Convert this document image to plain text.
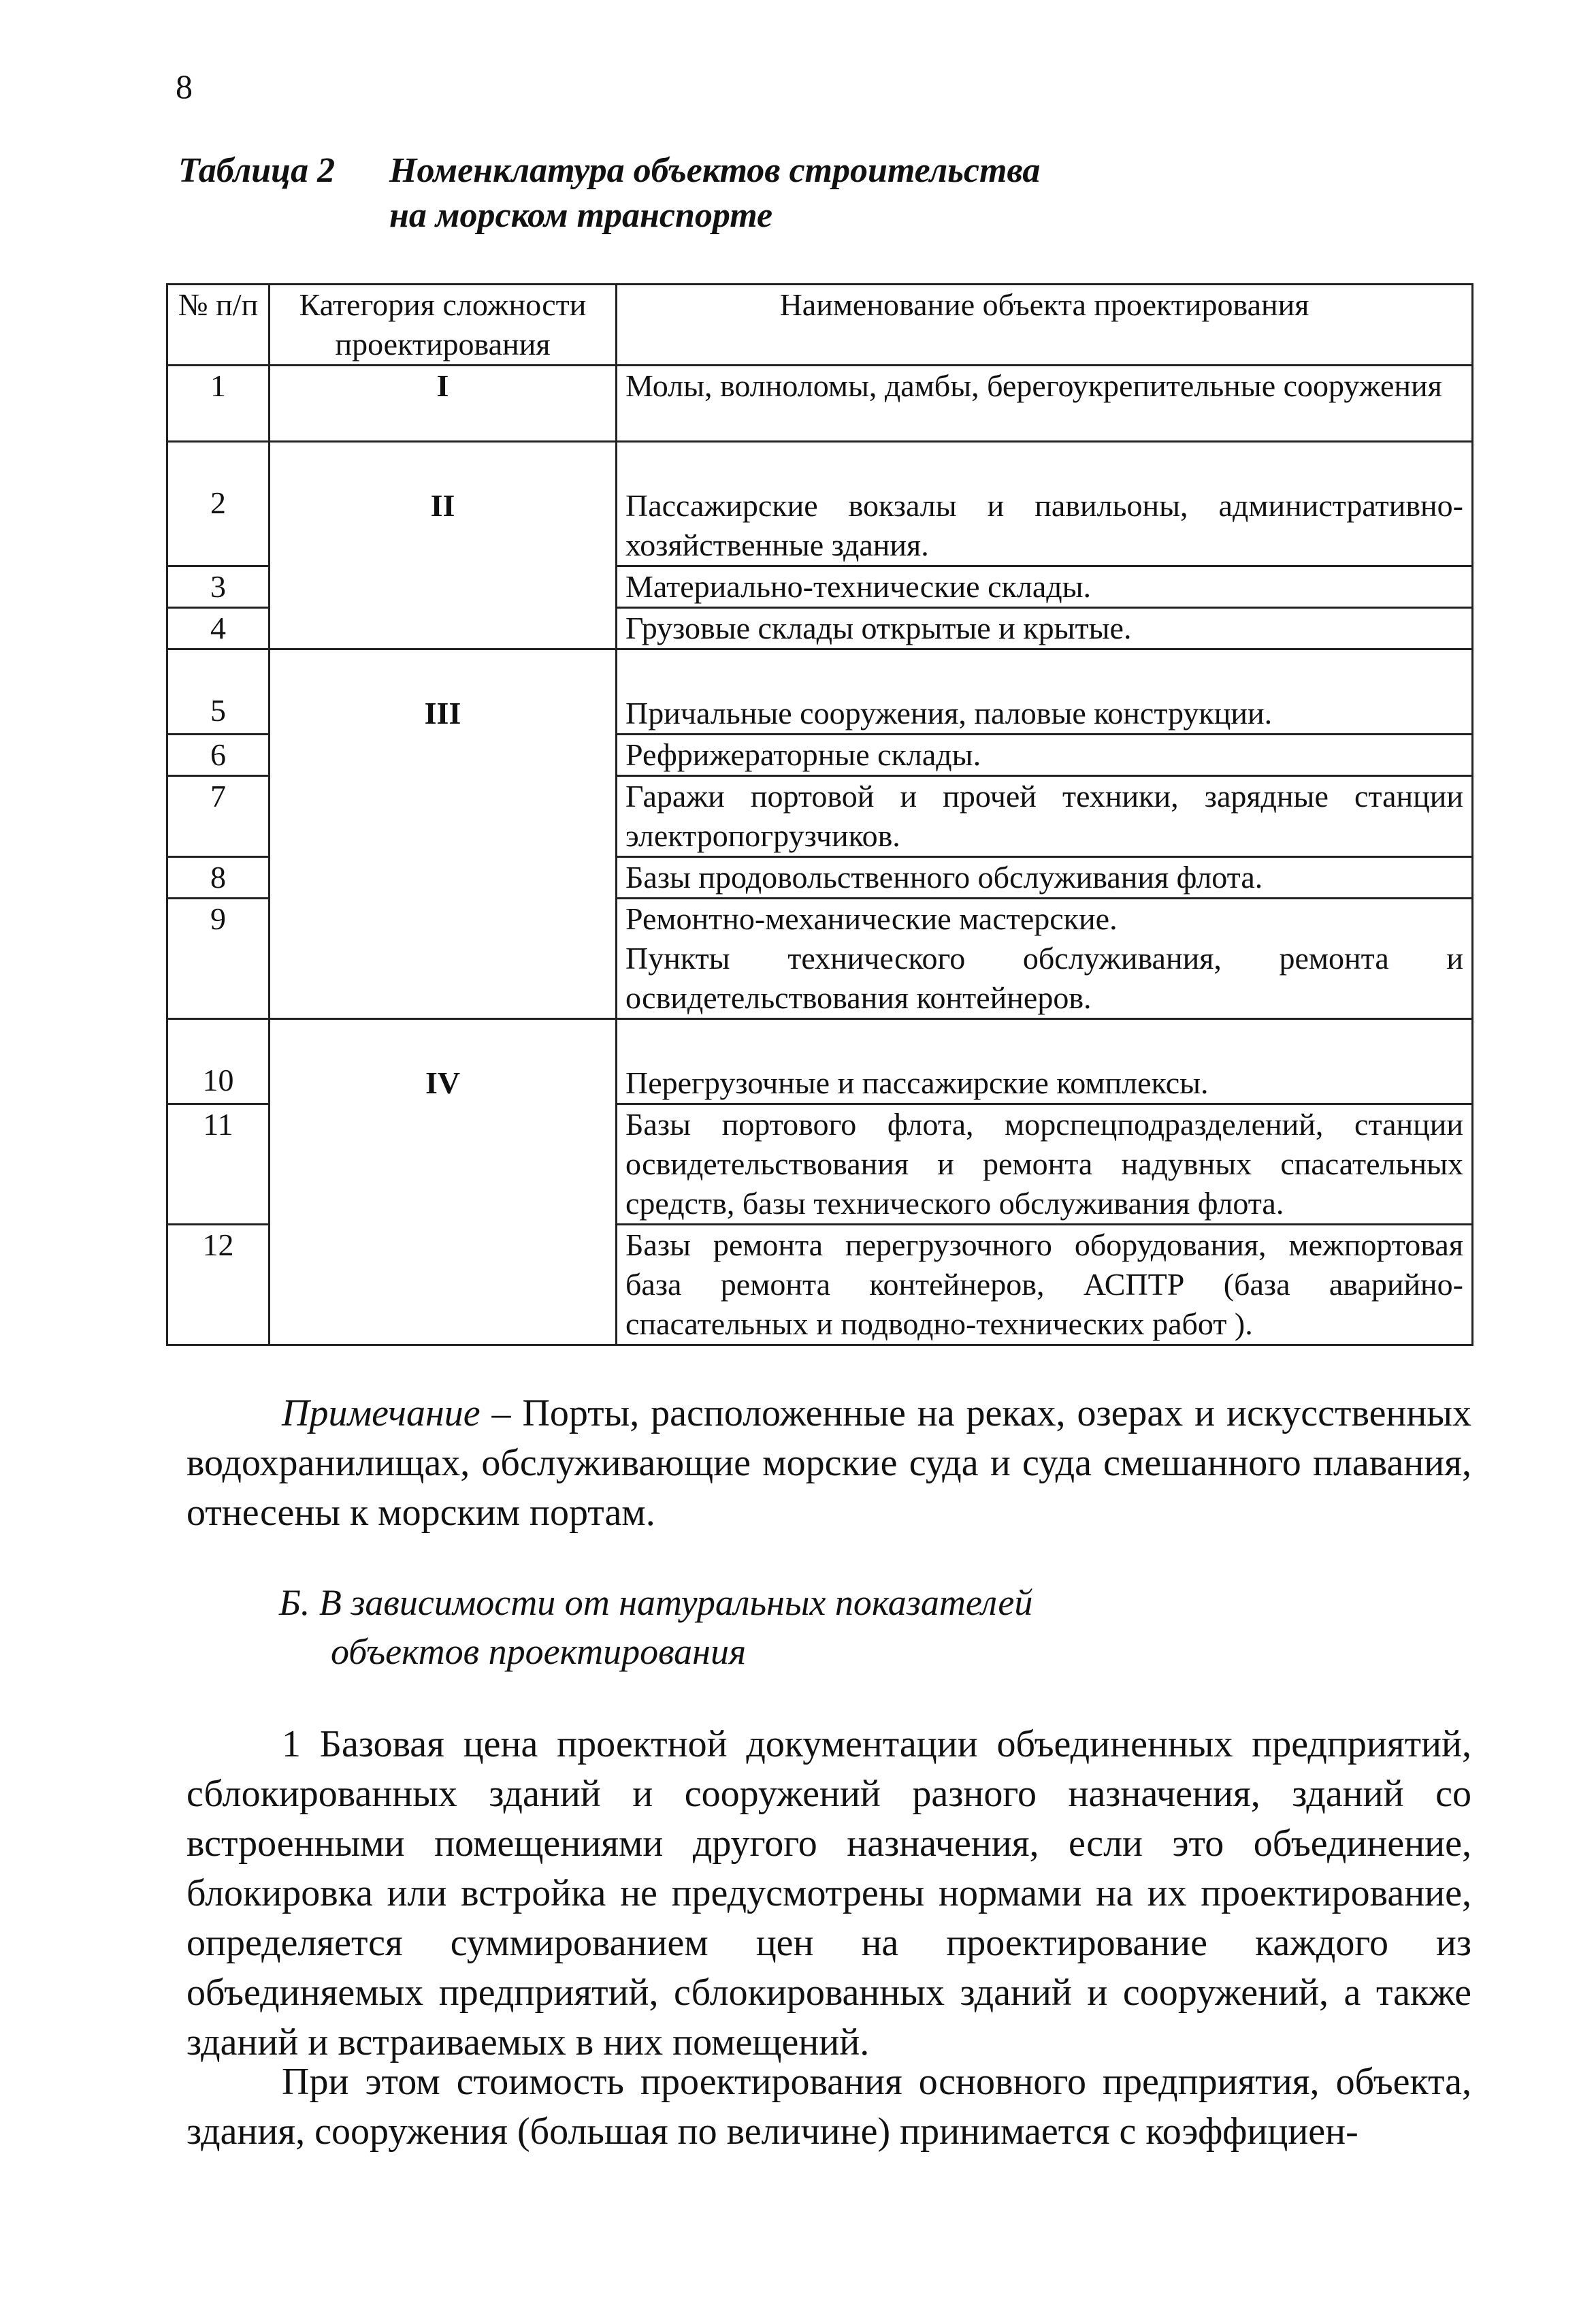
8
Таблица 2 Номенклатура объектов строительства
на морском транспорте
№ п/п	Категория сложности проектирования	Наименование объекта проектирования
1	I	Молы, волноломы, дамбы, берегоукрепительные сооружения
2	II	Пассажирские вокзалы и павильоны, административно-хозяйственные здания.
3		Материально-технические склады.
4		Грузовые склады открытые и крытые.
5	III	Причальные сооружения, паловые конструкции.
6		Рефрижераторные склады.
7		Гаражи портовой и прочей техники, зарядные станции электропогрузчиков.
8		Базы продовольственного обслуживания флота.
9		Ремонтно-механические мастерские.
Пункты технического обслуживания, ремонта и освидетельствования контейнеров.

10	IV	Перегрузочные и пассажирские комплексы.
11		Базы портового флота, морспецподразделений, станции освидетельствования и ремонта надувных спасательных средств, базы технического обслуживания флота.
12		Базы ремонта перегрузочного оборудования, межпортовая база ремонта контейнеров, АСПТР (база аварийно-спасательных и подводно-технических работ ).
Примечание – Порты, расположенные на реках, озерах и искусственных водохранилищах, обслуживающие морские суда и суда смешанного плавания, отнесены к морским портам.
Б. В зависимости от натуральных показателей
объектов проектирования

1 Базовая цена проектной документации объединенных предприятий, сблокированных зданий и сооружений разного назначения, зданий со встроенными помещениями другого назначения, если это объединение, блокировка или встройка не предусмотрены нормами на их проектирование, определяется суммированием цен на проектирование каждого из объединяемых предприятий, сблокированных зданий и сооружений, а также зданий и встраиваемых в них помещений.

При этом стоимость проектирования основного предприятия, объекта, здания, сооружения (большая по величине) принимается с коэффициен-
